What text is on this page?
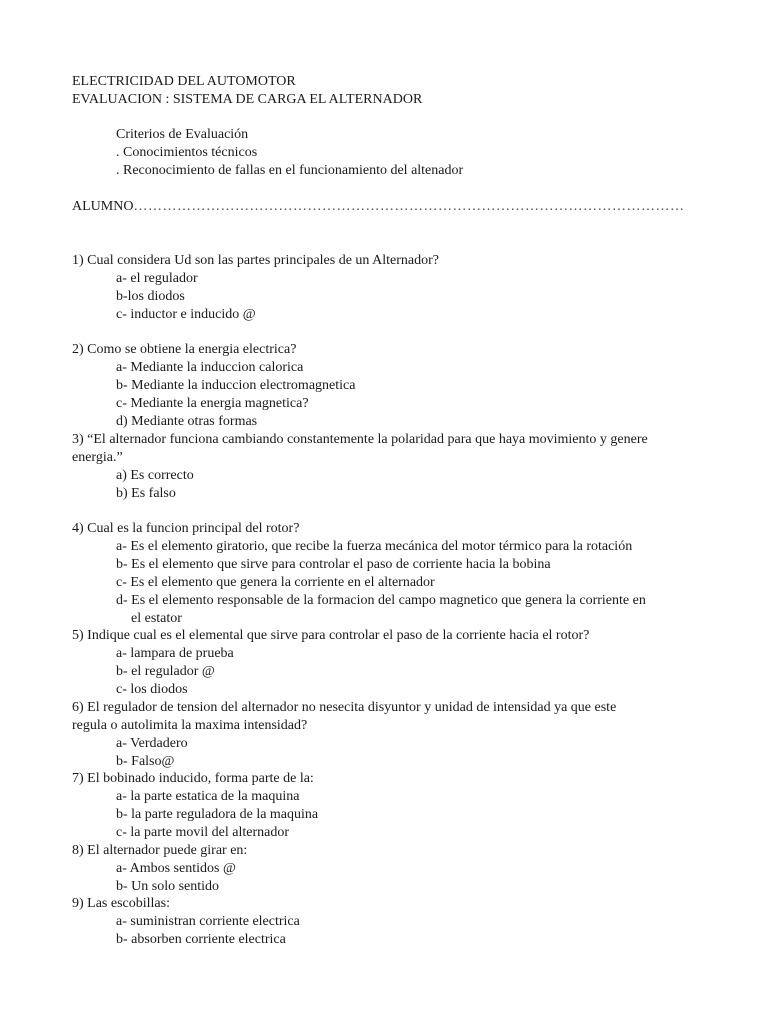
ELECTRICIDAD DEL AUTOMOTOR
EVALUACION : SISTEMA DE CARGA EL ALTERNADOR
Criterios de Evaluación
. Conocimientos técnicos
. Reconocimiento de fallas en el funcionamiento del altenador
ALUMNO……………………………………………………………………………………………………
1) Cual considera Ud son las partes principales de un Alternador?
a- el regulador
b-los diodos
c- inductor e inducido @
2) Como se obtiene la energia electrica?
a- Mediante la induccion calorica
b- Mediante la induccion electromagnetica
c- Mediante la energia magnetica?
d) Mediante otras formas
3) “El alternador funciona cambiando constantemente la polaridad para que haya movimiento y genere
energia.”
a) Es correcto
b) Es falso
4) Cual es la funcion principal del rotor?
a- Es el elemento giratorio, que recibe la fuerza mecánica del motor térmico para la rotación
b- Es el elemento que sirve para controlar el paso de corriente hacia la bobina
c- Es el elemento que genera la corriente en el alternador
d- Es el elemento responsable de la formacion del campo magnetico que genera la corriente en
el estator
5) Indique cual es el elemental que sirve para controlar el paso de la corriente hacia el rotor?
a- lampara de prueba
b- el regulador @
c- los diodos
6) El regulador de tension del alternador no nesecita disyuntor y unidad de intensidad ya que este
regula o autolimita la maxima intensidad?
a- Verdadero
b- Falso@
7) El bobinado inducido, forma parte de la:
a- la parte estatica de la maquina
b- la parte reguladora de la maquina
c- la parte movil del alternador
8) El alternador puede girar en:
a- Ambos sentidos @
b- Un solo sentido
9) Las escobillas:
a- suministran corriente electrica
b- absorben corriente electrica
